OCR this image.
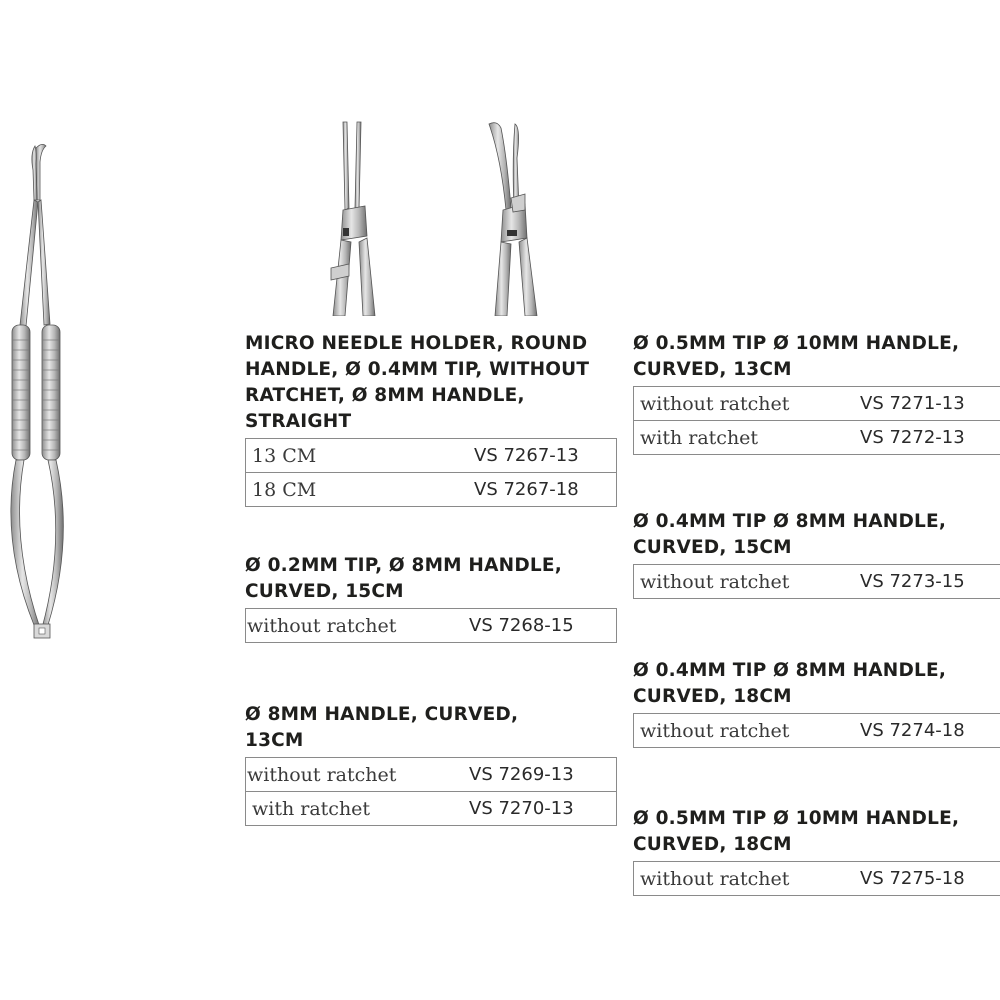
MICRO NEEDLE HOLDER, ROUND HANDLE, Ø 0.4MM TIP, WITHOUT RATCHET, Ø 8MM HANDLE, STRAIGHT

13 CM	VS 7267-13
18 CM	VS 7267-18

Ø 0.2MM TIP, Ø 8MM HANDLE, CURVED, 15CM

without ratchet	VS 7268-15

Ø 8MM HANDLE, CURVED, 13CM

without ratchet	VS 7269-13
with ratchet	VS 7270-13

Ø 0.5MM TIP Ø 10MM HANDLE, CURVED, 13CM

without ratchet	VS 7271-13
with ratchet	VS 7272-13

Ø 0.4MM TIP Ø 8MM HANDLE, CURVED, 15CM

without ratchet	VS 7273-15

Ø 0.4MM TIP Ø 8MM HANDLE, CURVED, 18CM

without ratchet	VS 7274-18

Ø 0.5MM TIP Ø 10MM HANDLE, CURVED, 18CM

without ratchet	VS 7275-18
